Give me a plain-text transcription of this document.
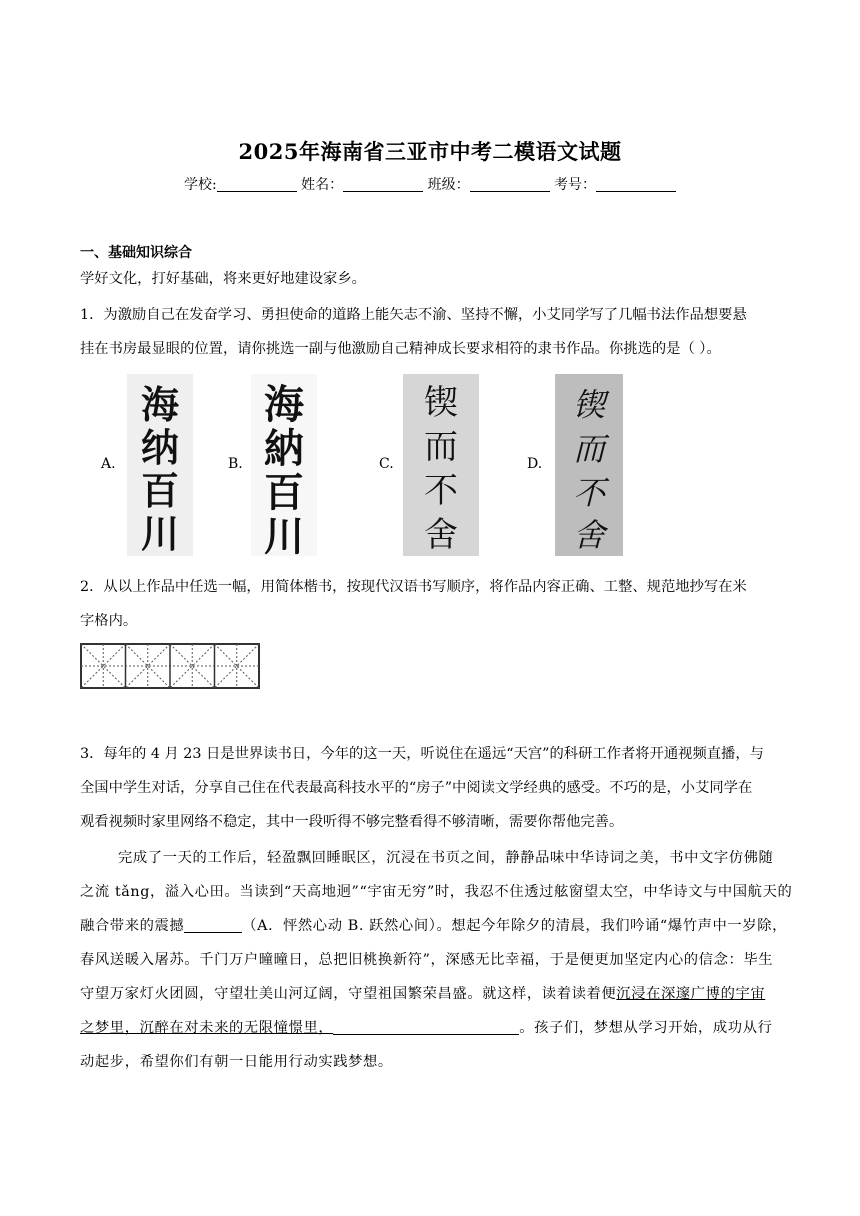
2025年海南省三亚市中考二模语文试题
学校:	姓名：	班级：	考号：
一、基础知识综合
学好文化，打好基础，将来更好地建设家乡。
1．为激励自己在发奋学习、勇担使命的道路上能矢志不渝、坚持不懈，小艾同学写了几幅书法作品想要悬
挂在书房最显眼的位置，请你挑选一副与他激励自己精神成长要求相符的隶书作品。你挑选的是（ ）。
A.
海
纳
百
川
B.
海
納
百
川
C.
锲
而
不
舍
D.
锲
而
不
舍
2．从以上作品中任选一幅，用简体楷书，按现代汉语书写顺序，将作品内容正确、工整、规范地抄写在米
字格内。
3．每年的 4 月 23 日是世界读书日，今年的这一天，听说住在遥远“天宫”的科研工作者将开通视频直播，与
全国中学生对话，分享自己住在代表最高科技水平的“房子”中阅读文学经典的感受。不巧的是，小艾同学在
观看视频时家里网络不稳定，其中一段听得不够完整看得不够清晰，需要你帮他完善。
完成了一天的工作后，轻盈飘回睡眠区，沉浸在书页之间，静静品味中华诗词之美，书中文字仿佛随
之流 tǎng，溢入心田。当读到“天高地迥”“宇宙无穷”时，我忍不住透过舷窗望太空，中华诗文与中国航天的
融合带来的震撼	（A．怦然心动 B. 跃然心间）。想起今年除夕的清晨，我们吟诵“爆竹声中一岁除，
春风送暖入屠苏。千门万户曈曈日，总把旧桃换新符”，深感无比幸福，于是便更加坚定内心的信念：毕生
守望万家灯火团圆，守望壮美山河辽阔，守望祖国繁荣昌盛。就这样，读着读着便沉浸在深邃广博的宇宙
之梦里，沉醉在对未来的无限憧憬里，	。孩子们，梦想从学习开始，成功从行
动起步，希望你们有朝一日能用行动实践梦想。
